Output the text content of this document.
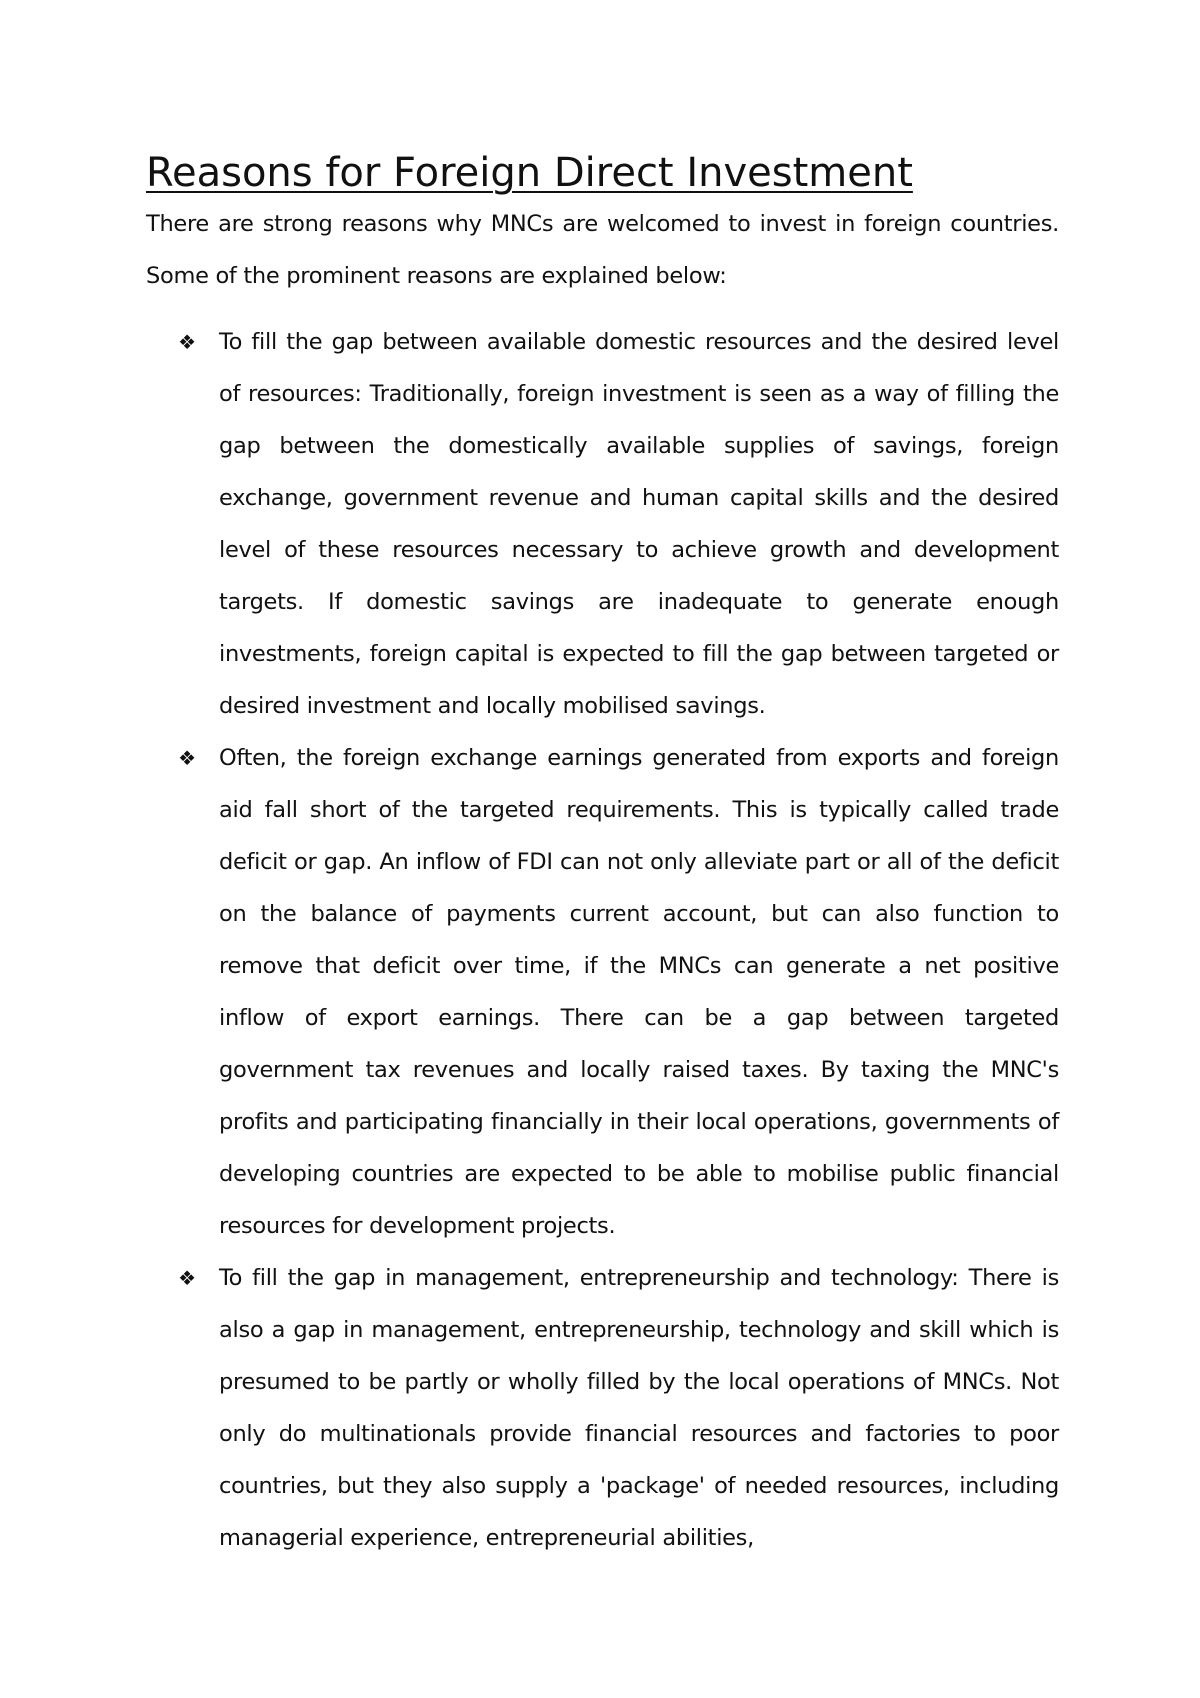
Reasons for Foreign Direct Investment

There are strong reasons why MNCs are welcomed to invest in foreign countries. Some of the prominent reasons are explained below:

❖ To fill the gap between available domestic resources and the desired level of resources: Traditionally, foreign investment is seen as a way of filling the gap between the domestically available supplies of savings, foreign exchange, government revenue and human capital skills and the desired level of these resources necessary to achieve growth and development targets. If domestic savings are inadequate to generate enough investments, foreign capital is expected to fill the gap between targeted or desired investment and locally mobilised savings.
❖ Often, the foreign exchange earnings generated from exports and foreign aid fall short of the targeted requirements. This is typically called trade deficit or gap. An inflow of FDI can not only alleviate part or all of the deficit on the balance of payments current account, but can also function to remove that deficit over time, if the MNCs can generate a net positive inflow of export earnings. There can be a gap between targeted government tax revenues and locally raised taxes. By taxing the MNC's profits and participating financially in their local operations, governments of developing countries are expected to be able to mobilise public financial resources for development projects.
❖ To fill the gap in management, entrepreneurship and technology: There is also a gap in management, entrepreneurship, technology and skill which is presumed to be partly or wholly filled by the local operations of MNCs. Not only do multinationals provide financial resources and factories to poor countries, but they also supply a 'package' of needed resources, including managerial experience, entrepreneurial abilities,
